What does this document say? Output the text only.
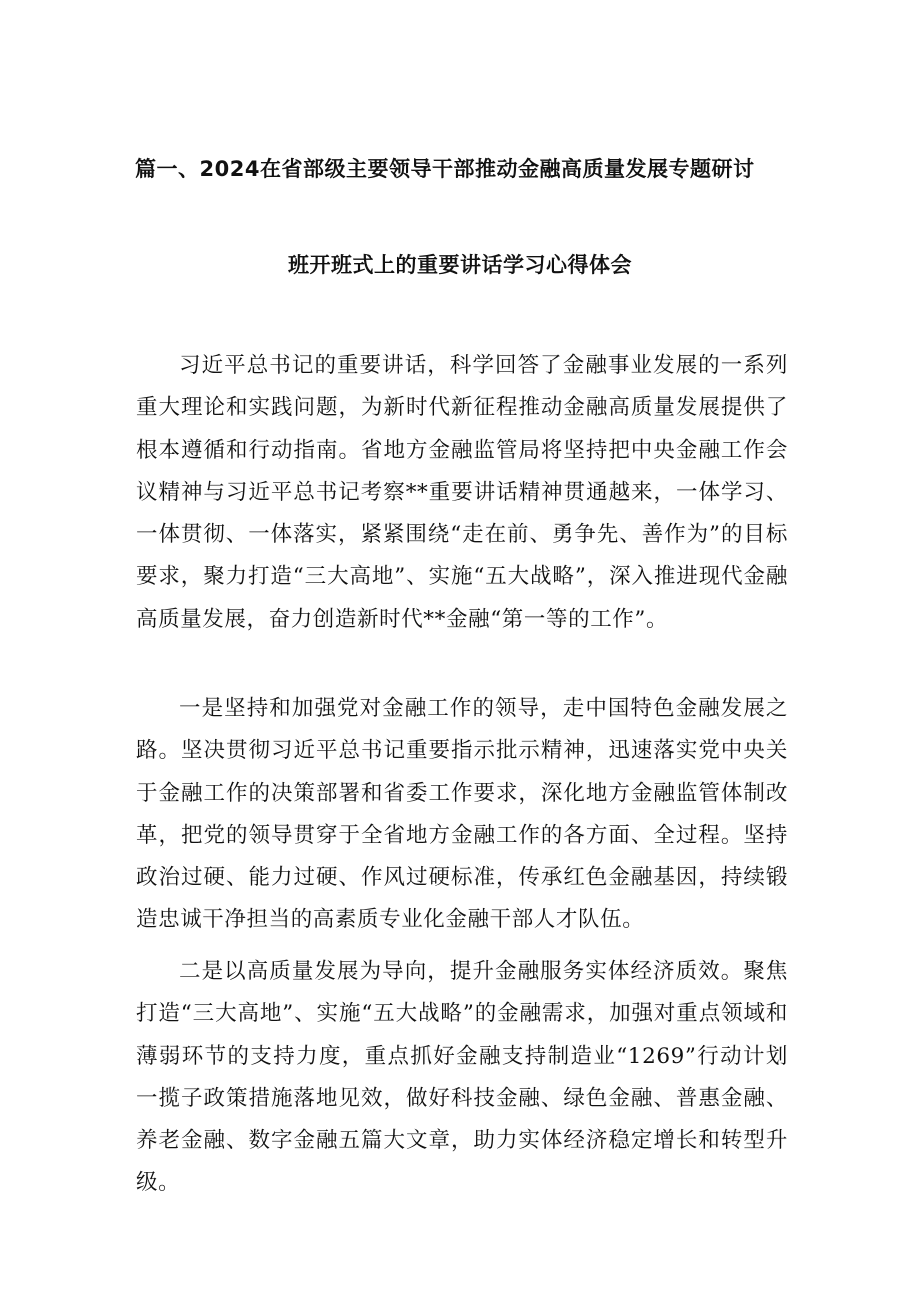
篇一、2024在省部级主要领导干部推动金融高质量发展专题研讨
班开班式上的重要讲话学习心得体会

习近平总书记的重要讲话，科学回答了金融事业发展的一系列重大理论和实践问题，为新时代新征程推动金融高质量发展提供了根本遵循和行动指南。省地方金融监管局将坚持把中央金融工作会议精神与习近平总书记考察**重要讲话精神贯通越来，一体学习、一体贯彻、一体落实，紧紧围绕“走在前、勇争先、善作为”的目标要求，聚力打造“三大高地”、实施“五大战略”，深入推进现代金融高质量发展，奋力创造新时代**金融“第一等的工作”。

一是坚持和加强党对金融工作的领导，走中国特色金融发展之路。坚决贯彻习近平总书记重要指示批示精神，迅速落实党中央关于金融工作的决策部署和省委工作要求，深化地方金融监管体制改革，把党的领导贯穿于全省地方金融工作的各方面、全过程。坚持政治过硬、能力过硬、作风过硬标准，传承红色金融基因，持续锻造忠诚干净担当的高素质专业化金融干部人才队伍。

二是以高质量发展为导向，提升金融服务实体经济质效。聚焦打造“三大高地”、实施“五大战略”的金融需求，加强对重点领域和薄弱环节的支持力度，重点抓好金融支持制造业“1269”行动计划一揽子政策措施落地见效，做好科技金融、绿色金融、普惠金融、养老金融、数字金融五篇大文章，助力实体经济稳定增长和转型升级。
